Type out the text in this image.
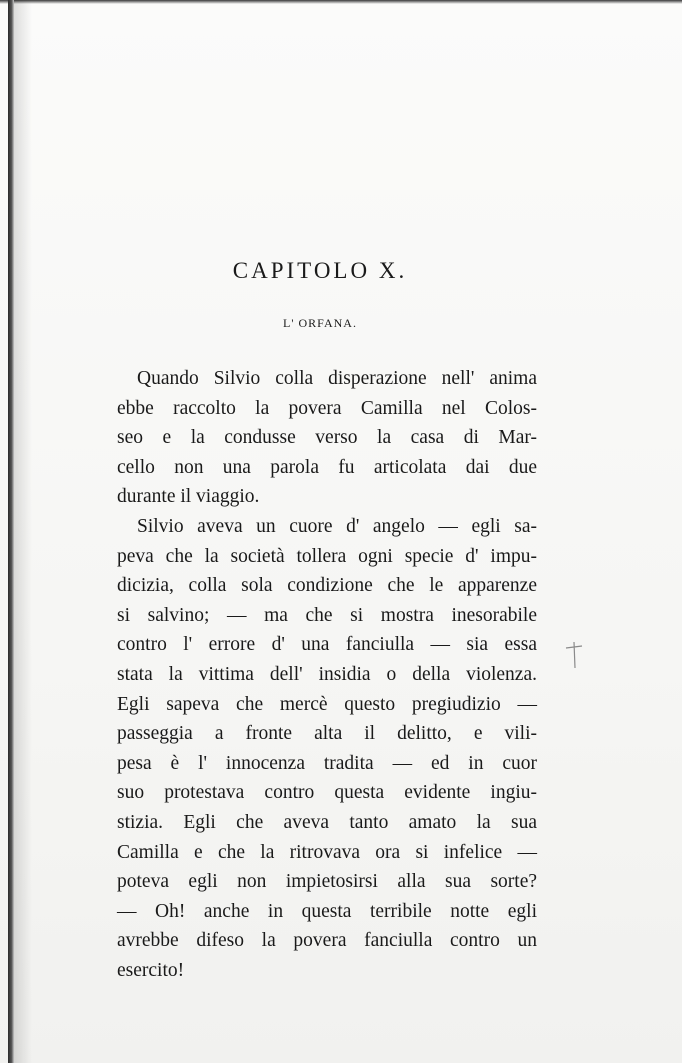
CAPITOLO X.
L' ORFANA.
Quando Silvio colla disperazione nell' anima
ebbe raccolto la povera Camilla nel Colos-
seo e la condusse verso la casa di Mar-
cello non una parola fu articolata dai due
durante il viaggio.
Silvio aveva un cuore d' angelo — egli sa-
peva che la società tollera ogni specie d' impu-
dicizia, colla sola condizione che le apparenze
si salvino; — ma che si mostra inesorabile
contro l' errore d' una fanciulla — sia essa
stata la vittima dell' insidia o della violenza.
Egli sapeva che mercè questo pregiudizio —
passeggia a fronte alta il delitto, e vili-
pesa è l' innocenza tradita — ed in cuor
suo protestava contro questa evidente ingiu-
stizia. Egli che aveva tanto amato la sua
Camilla e che la ritrovava ora si infelice —
poteva egli non impietosirsi alla sua sorte?
— Oh! anche in questa terribile notte egli
avrebbe difeso la povera fanciulla contro un
esercito!
